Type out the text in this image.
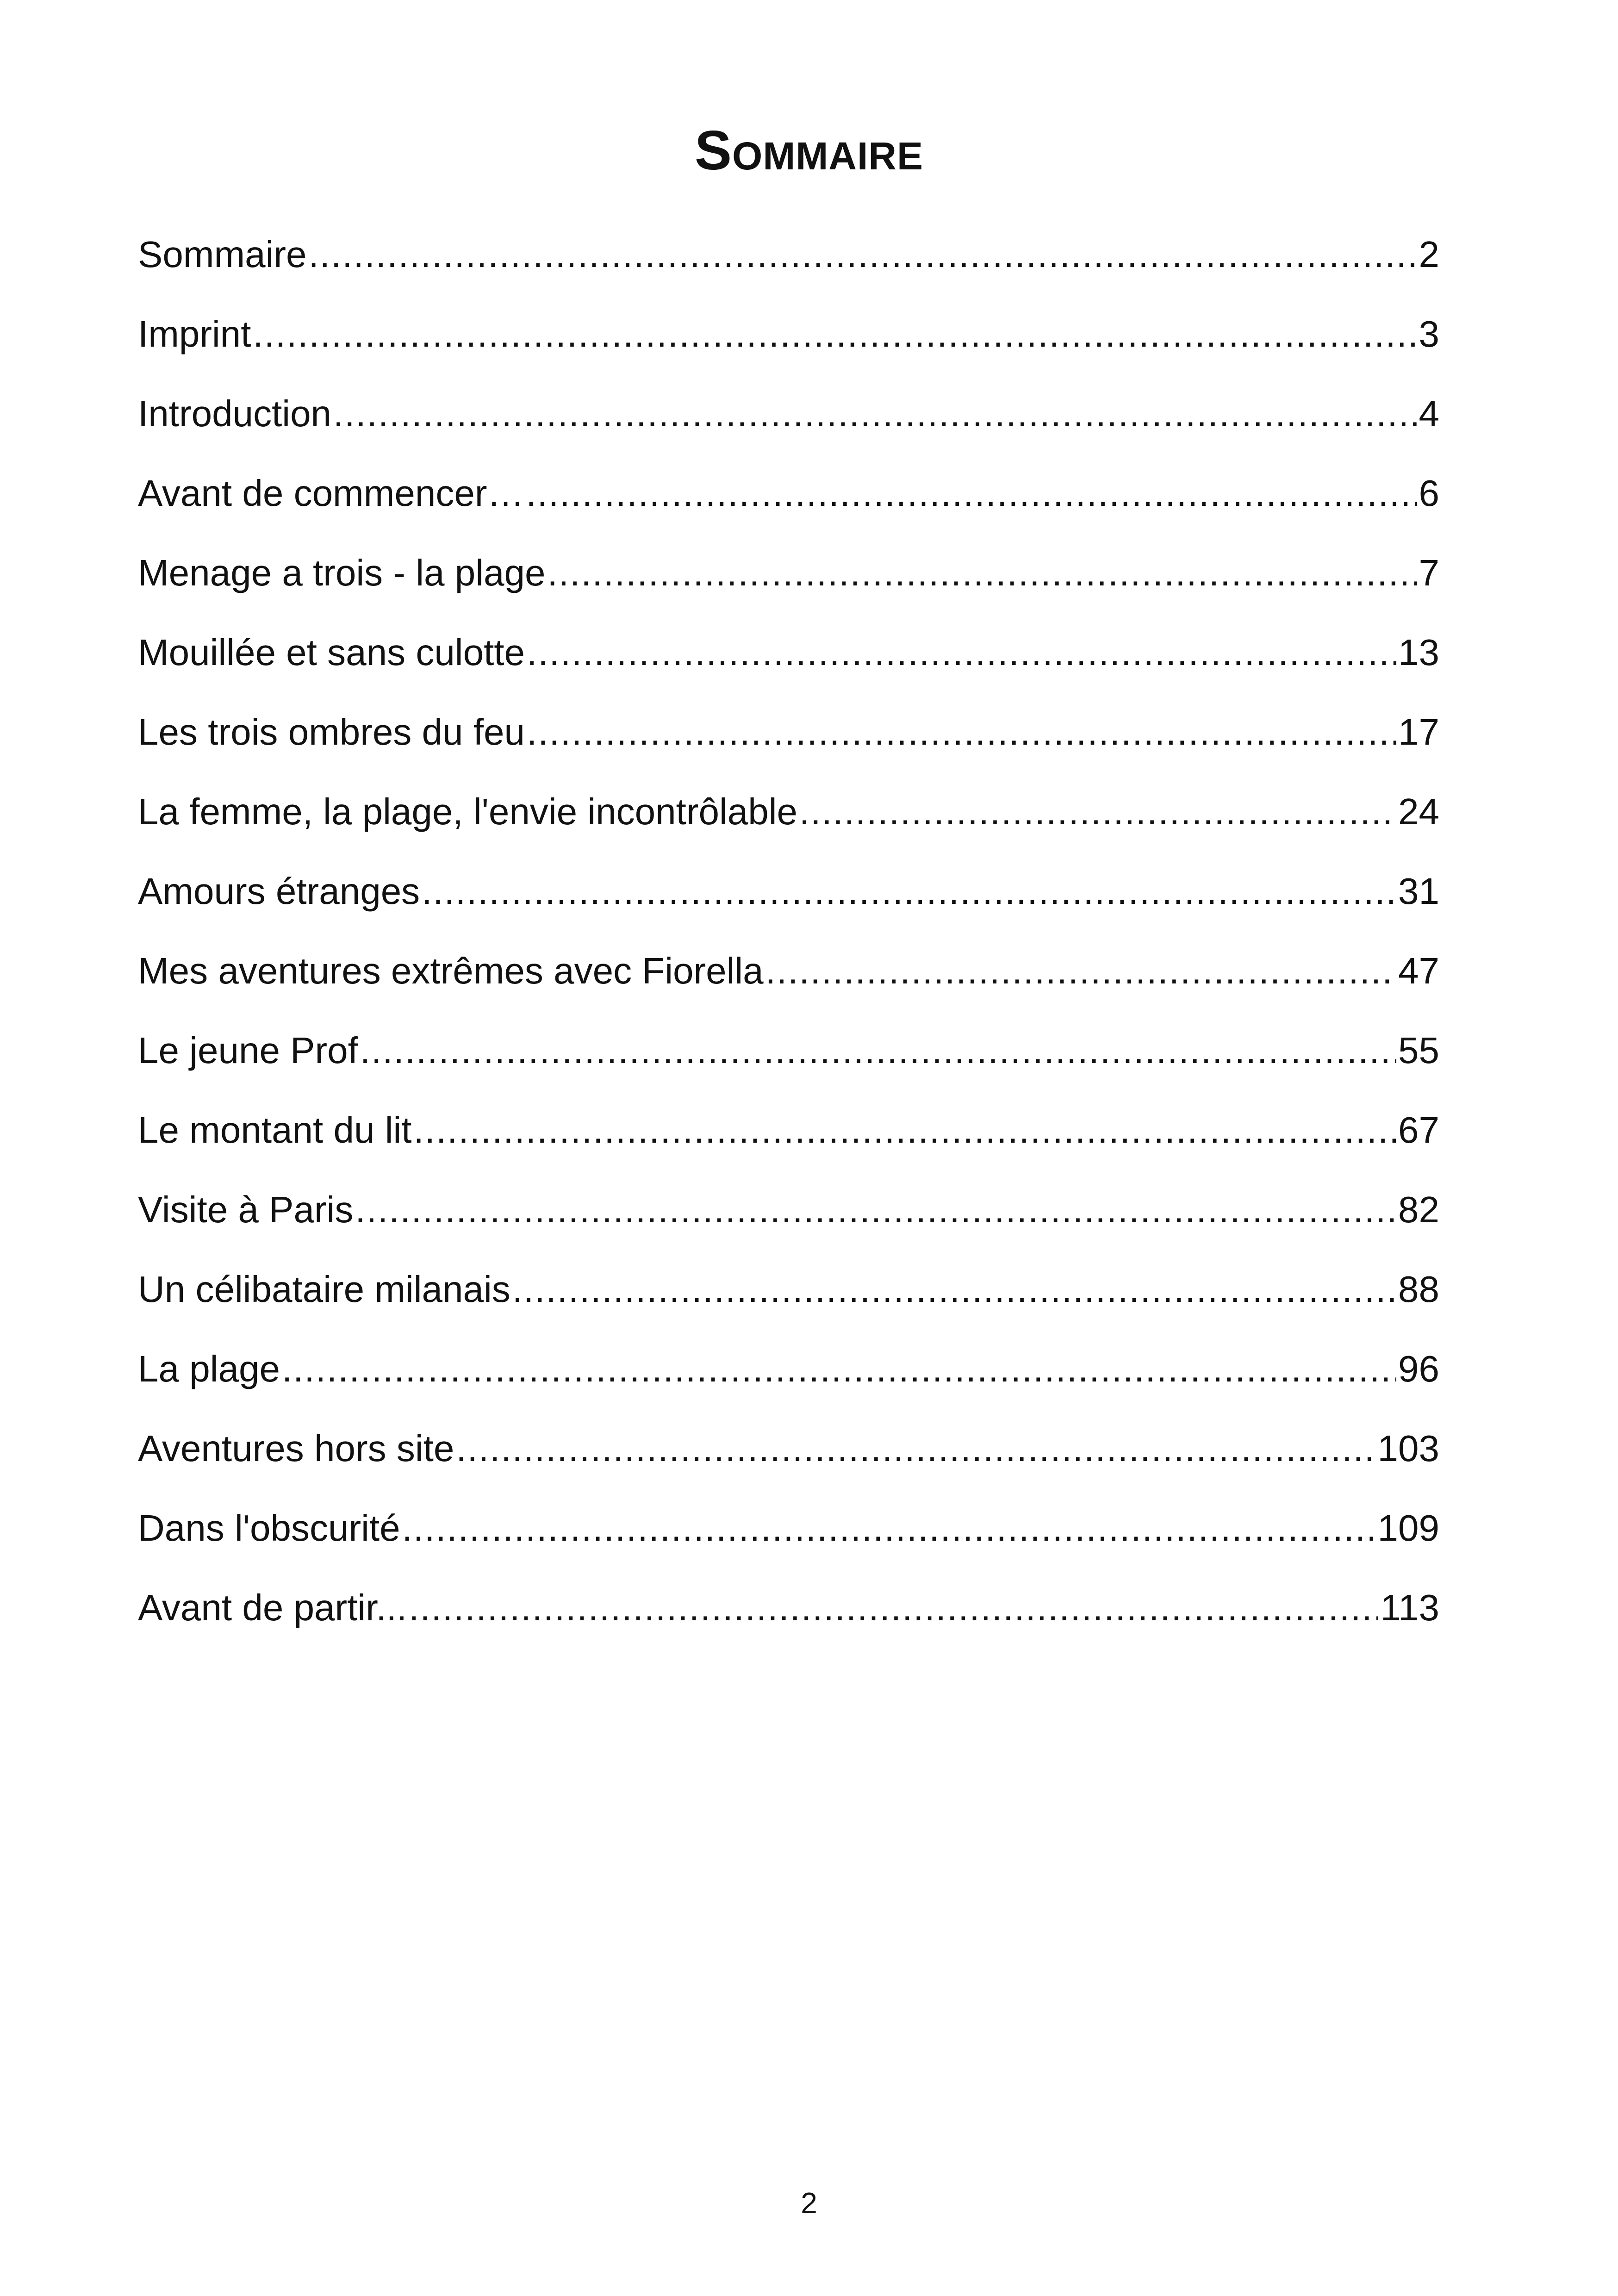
Sommaire
Sommaire .....	2
Imprint .....	3
Introduction .....	4
Avant de commencer… .....	6
Menage a trois - la plage .....	7
Mouillée et sans culotte .....	13
Les trois ombres du feu .....	17
La femme, la plage, l'envie incontrôlable .....	24
Amours étranges .....	31
Mes aventures extrêmes avec Fiorella .....	47
Le jeune Prof .....	55
Le montant du lit .....	67
Visite à Paris .....	82
Un célibataire milanais .....	88
La plage .....	96
Aventures hors site .....	103
Dans l'obscurité .....	109
Avant de partir... .....	113
2
